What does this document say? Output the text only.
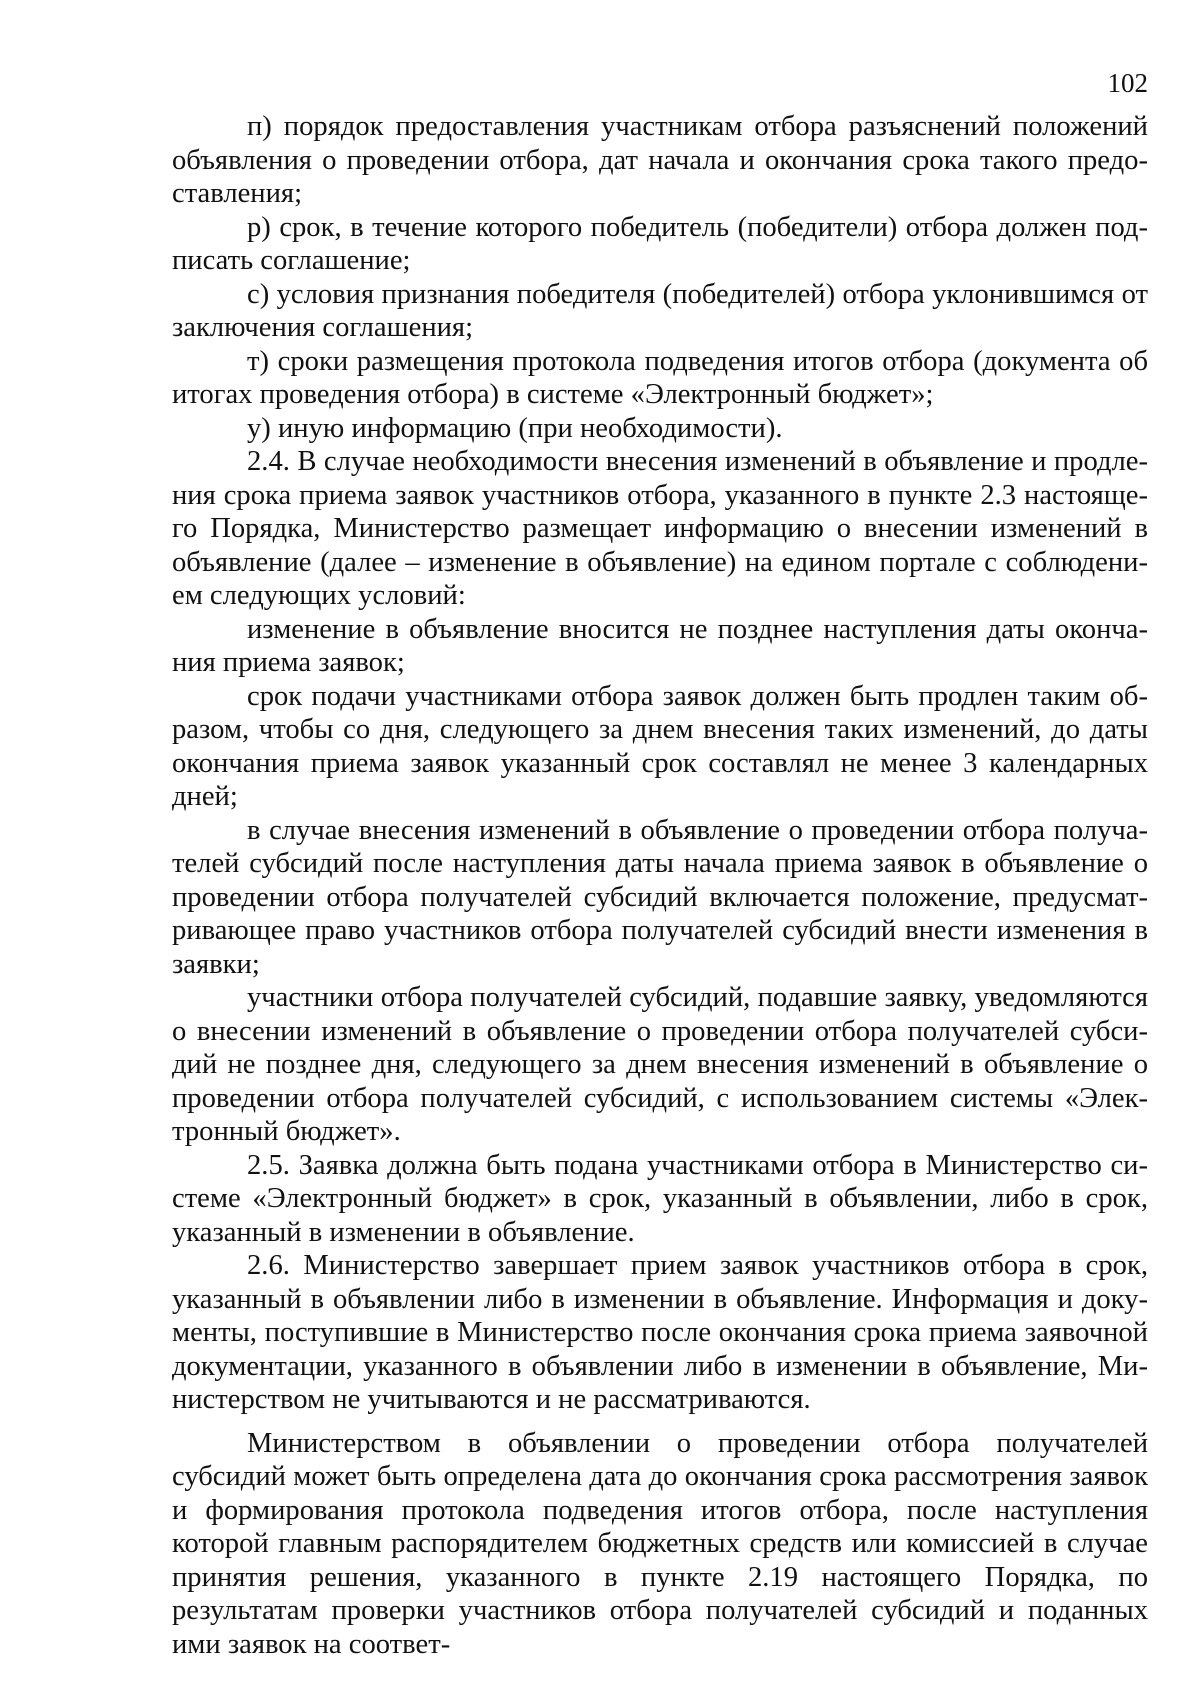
102

п) порядок предоставления участникам отбора разъяснений положений объявления о проведении отбора, дат начала и окончания срока такого предоставления;

р) срок, в течение которого победитель (победители) отбора должен подписать соглашение;

с) условия признания победителя (победителей) отбора уклонившимся от заключения соглашения;

т) сроки размещения протокола подведения итогов отбора (документа об итогах проведения отбора) в системе «Электронный бюджет»;

у) иную информацию (при необходимости).

2.4. В случае необходимости внесения изменений в объявление и продления срока приема заявок участников отбора, указанного в пункте 2.3 настоящего Порядка, Министерство размещает информацию о внесении изменений в объявление (далее – изменение в объявление) на едином портале с соблюдением следующих условий:

изменение в объявление вносится не позднее наступления даты окончания приема заявок;

срок подачи участниками отбора заявок должен быть продлен таким образом, чтобы со дня, следующего за днем внесения таких изменений, до даты окончания приема заявок указанный срок составлял не менее 3 календарных дней;

в случае внесения изменений в объявление о проведении отбора получателей субсидий после наступления даты начала приема заявок в объявление о проведении отбора получателей субсидий включается положение, предусматривающее право участников отбора получателей субсидий внести изменения в заявки;

участники отбора получателей субсидий, подавшие заявку, уведомляются о внесении изменений в объявление о проведении отбора получателей субсидий не позднее дня, следующего за днем внесения изменений в объявление о проведении отбора получателей субсидий, с использованием системы «Электронный бюджет».

2.5. Заявка должна быть подана участниками отбора в Министерство системе «Электронный бюджет» в срок, указанный в объявлении, либо в срок, указанный в изменении в объявление.

2.6. Министерство завершает прием заявок участников отбора в срок, указанный в объявлении либо в изменении в объявление. Информация и документы, поступившие в Министерство после окончания срока приема заявочной документации, указанного в объявлении либо в изменении в объявление, Министерством не учитываются и не рассматриваются.

Министерством в объявлении о проведении отбора получателей субсидий может быть определена дата до окончания срока рассмотрения заявок и формирования протокола подведения итогов отбора, после наступления которой главным распорядителем бюджетных средств или комиссией в случае принятия решения, указанного в пункте 2.19 настоящего Порядка, по результатам проверки участников отбора получателей субсидий и поданных ими заявок на соответ-
